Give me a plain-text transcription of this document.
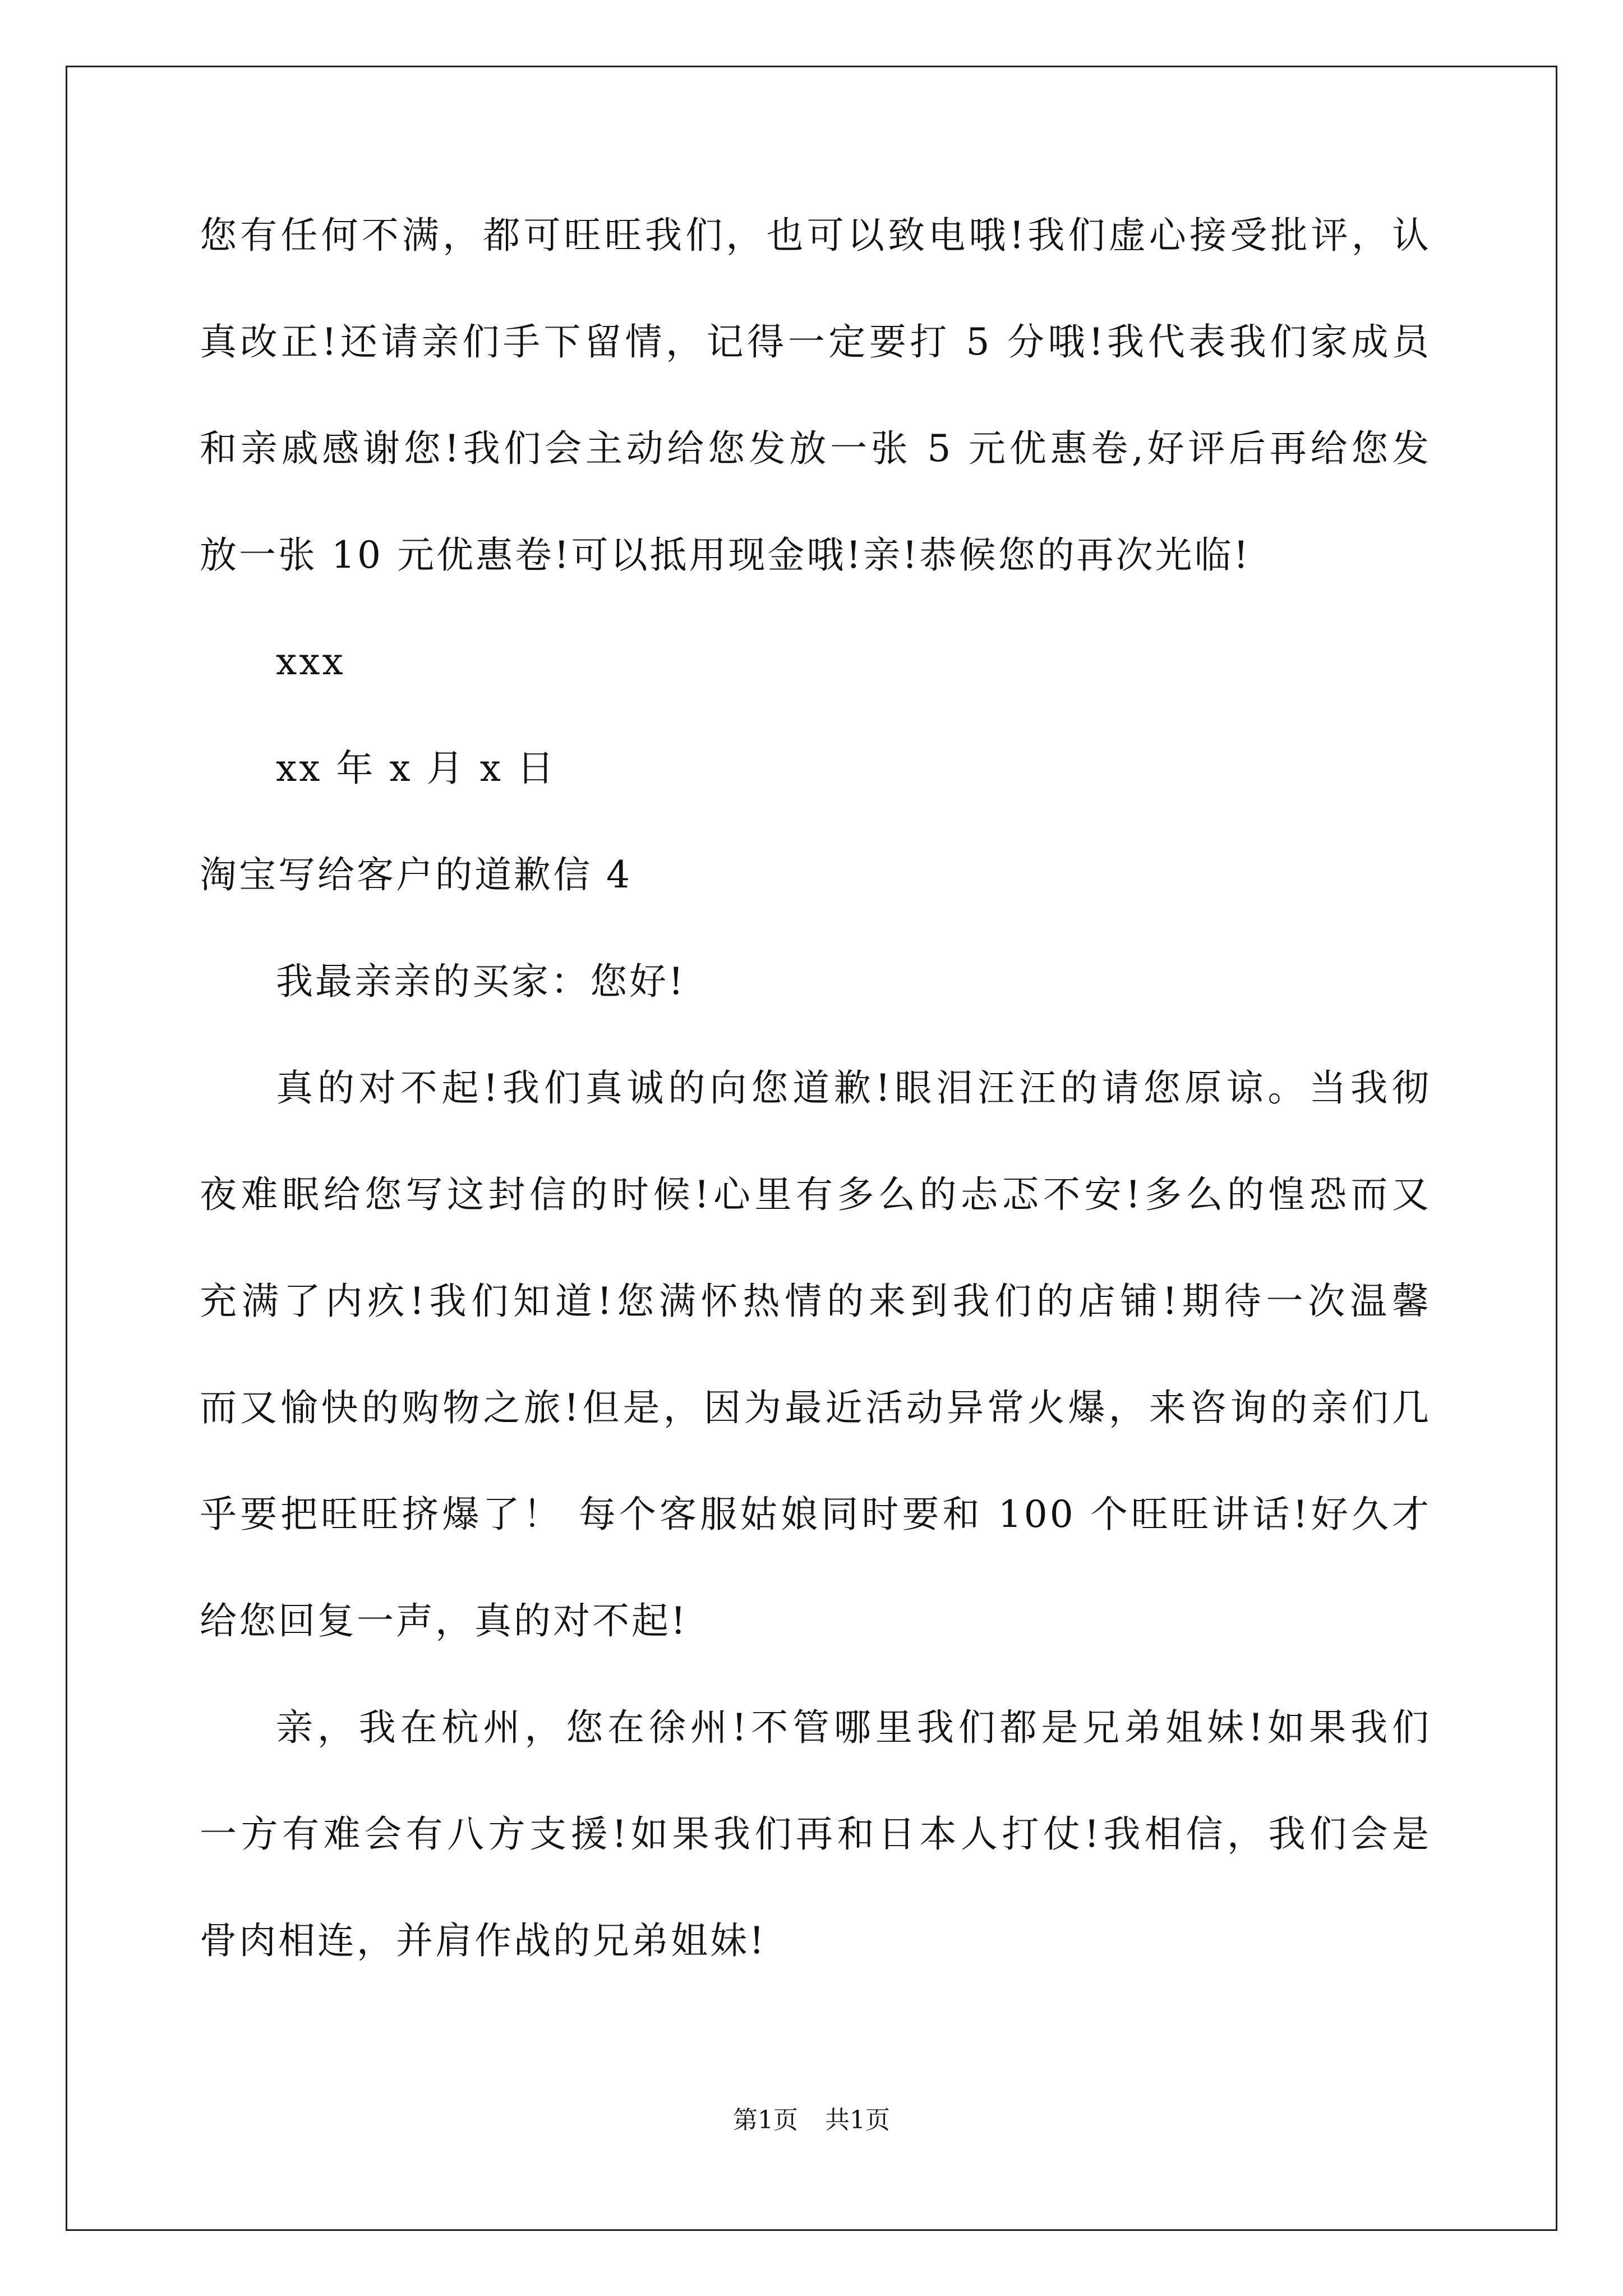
您有任何不满，都可旺旺我们，也可以致电哦!我们虚心接受批评，认
真改正!还请亲们手下留情，记得一定要打 5 分哦!我代表我们家成员
和亲戚感谢您!我们会主动给您发放一张 5 元优惠卷,好评后再给您发
放一张 10 元优惠卷!可以抵用现金哦!亲!恭候您的再次光临!
xxx
xx 年 x 月 x 日
淘宝写给客户的道歉信 4
我最亲亲的买家：您好!
真的对不起!我们真诚的向您道歉!眼泪汪汪的请您原谅。当我彻
夜难眠给您写这封信的时候!心里有多么的忐忑不安!多么的惶恐而又
充满了内疚!我们知道!您满怀热情的来到我们的店铺!期待一次温馨
而又愉快的购物之旅!但是，因为最近活动异常火爆，来咨询的亲们几
乎要把旺旺挤爆了！ 每个客服姑娘同时要和 100 个旺旺讲话!好久才
给您回复一声，真的对不起!
亲，我在杭州，您在徐州!不管哪里我们都是兄弟姐妹!如果我们
一方有难会有八方支援!如果我们再和日本人打仗!我相信，我们会是
骨肉相连，并肩作战的兄弟姐妹!
第1页 共1页
